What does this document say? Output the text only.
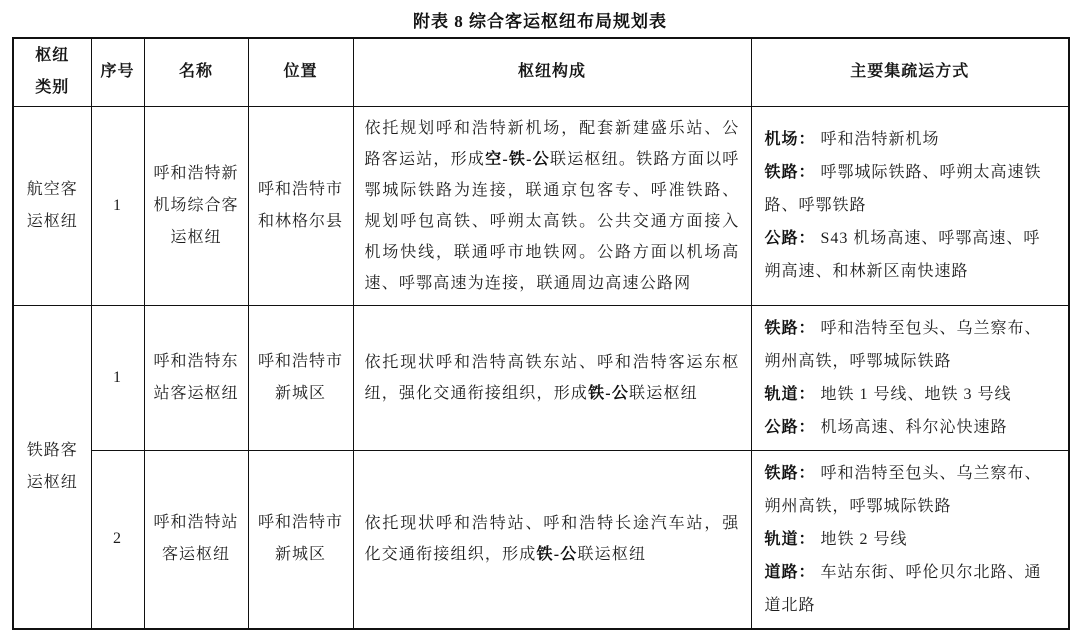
附表 8 综合客运枢纽布局规划表
枢纽类别	序号	名称	位置	枢纽构成	主要集疏运方式
航空客运枢纽	1	呼和浩特新机场综合客运枢纽	呼和浩特市和林格尔县	依托规划呼和浩特新机场，配套新建盛乐站、公路客运站，形成空-铁-公联运枢纽。铁路方面以呼鄂城际铁路为连接，联通京包客专、呼准铁路、规划呼包高铁、呼朔太高铁。公共交通方面接入机场快线，联通呼市地铁网。公路方面以机场高速、呼鄂高速为连接，联通周边高速公路网	机场： 呼和浩特新机场
铁路： 呼鄂城际铁路、呼朔太高速铁路、呼鄂铁路
公路： S43 机场高速、呼鄂高速、呼朔高速、和林新区南快速路

铁路客运枢纽	1	呼和浩特东站客运枢纽	呼和浩特市新城区	依托现状呼和浩特高铁东站、呼和浩特客运东枢纽，强化交通衔接组织，形成铁-公联运枢纽	铁路： 呼和浩特至包头、乌兰察布、朔州高铁，呼鄂城际铁路
轨道： 地铁 1 号线、地铁 3 号线
公路： 机场高速、科尔沁快速路

	2	呼和浩特站客运枢纽	呼和浩特市新城区	依托现状呼和浩特站、呼和浩特长途汽车站，强化交通衔接组织，形成铁-公联运枢纽	铁路： 呼和浩特至包头、乌兰察布、朔州高铁，呼鄂城际铁路
轨道： 地铁 2 号线
道路： 车站东街、呼伦贝尔北路、通道北路
